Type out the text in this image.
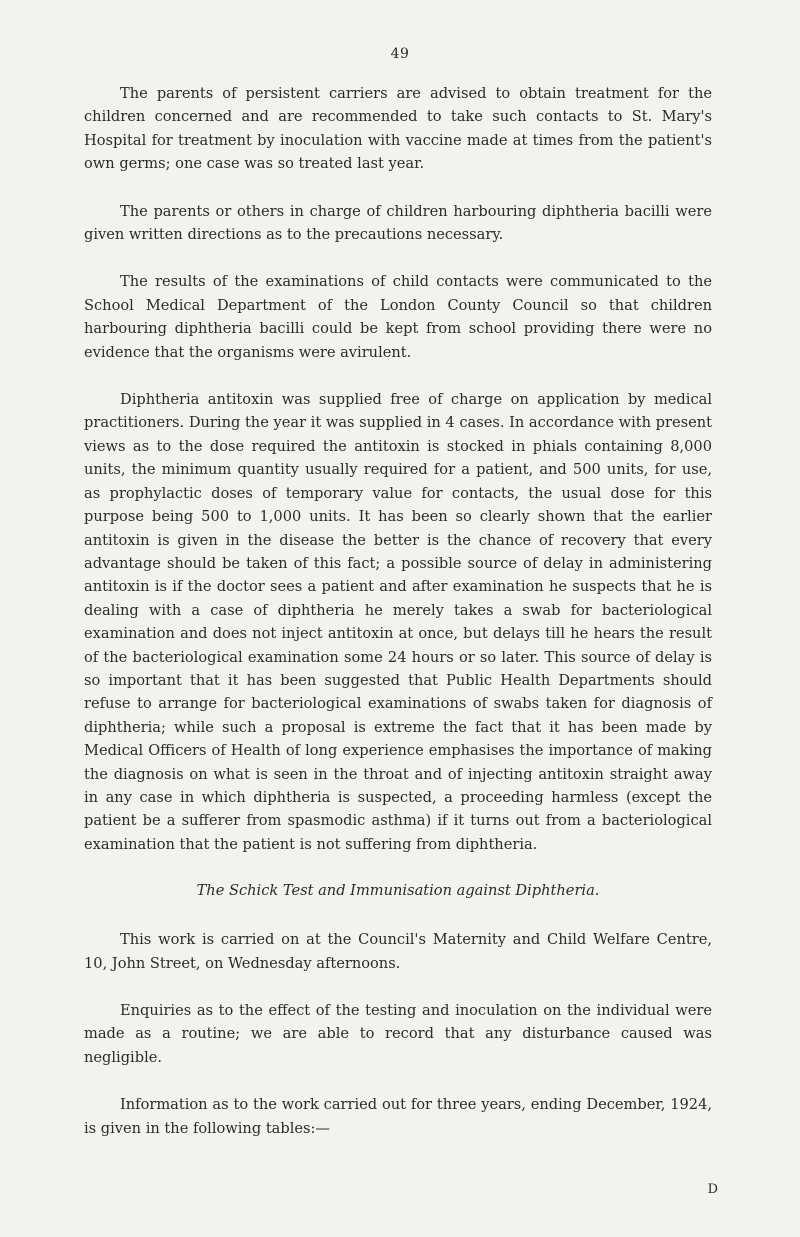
49

The parents of persistent carriers are advised to obtain treatment for the children concerned and are recommended to take such contacts to St. Mary's Hospital for treatment by inoculation with vaccine made at times from the patient's own germs; one case was so treated last year.

The parents or others in charge of children harbouring diphtheria bacilli were given written directions as to the precautions necessary.

The results of the examinations of child contacts were communicated to the School Medical Department of the London County Council so that children harbouring diphtheria bacilli could be kept from school providing there were no evidence that the organisms were avirulent.

Diphtheria antitoxin was supplied free of charge on application by medical practitioners. During the year it was supplied in 4 cases. In accordance with present views as to the dose required the antitoxin is stocked in phials containing 8,000 units, the minimum quantity usually required for a patient, and 500 units, for use, as prophylactic doses of temporary value for contacts, the usual dose for this purpose being 500 to 1,000 units. It has been so clearly shown that the earlier antitoxin is given in the disease the better is the chance of recovery that every advantage should be taken of this fact; a possible source of delay in administering antitoxin is if the doctor sees a patient and after examination he suspects that he is dealing with a case of diphtheria he merely takes a swab for bacteriological examination and does not inject antitoxin at once, but delays till he hears the result of the bacteriological examination some 24 hours or so later. This source of delay is so important that it has been suggested that Public Health Departments should refuse to arrange for bacteriological examinations of swabs taken for diagnosis of diphtheria; while such a proposal is extreme the fact that it has been made by Medical Officers of Health of long experience emphasises the importance of making the diagnosis on what is seen in the throat and of injecting antitoxin straight away in any case in which diphtheria is suspected, a proceeding harmless (except the patient be a sufferer from spasmodic asthma) if it turns out from a bacteriological examination that the patient is not suffering from diphtheria.

The Schick Test and Immunisation against Diphtheria.

This work is carried on at the Council's Maternity and Child Welfare Centre, 10, John Street, on Wednesday afternoons.

Enquiries as to the effect of the testing and inoculation on the individual were made as a routine; we are able to record that any disturbance caused was negligible.

Information as to the work carried out for three years, ending December, 1924, is given in the following tables:—

D
